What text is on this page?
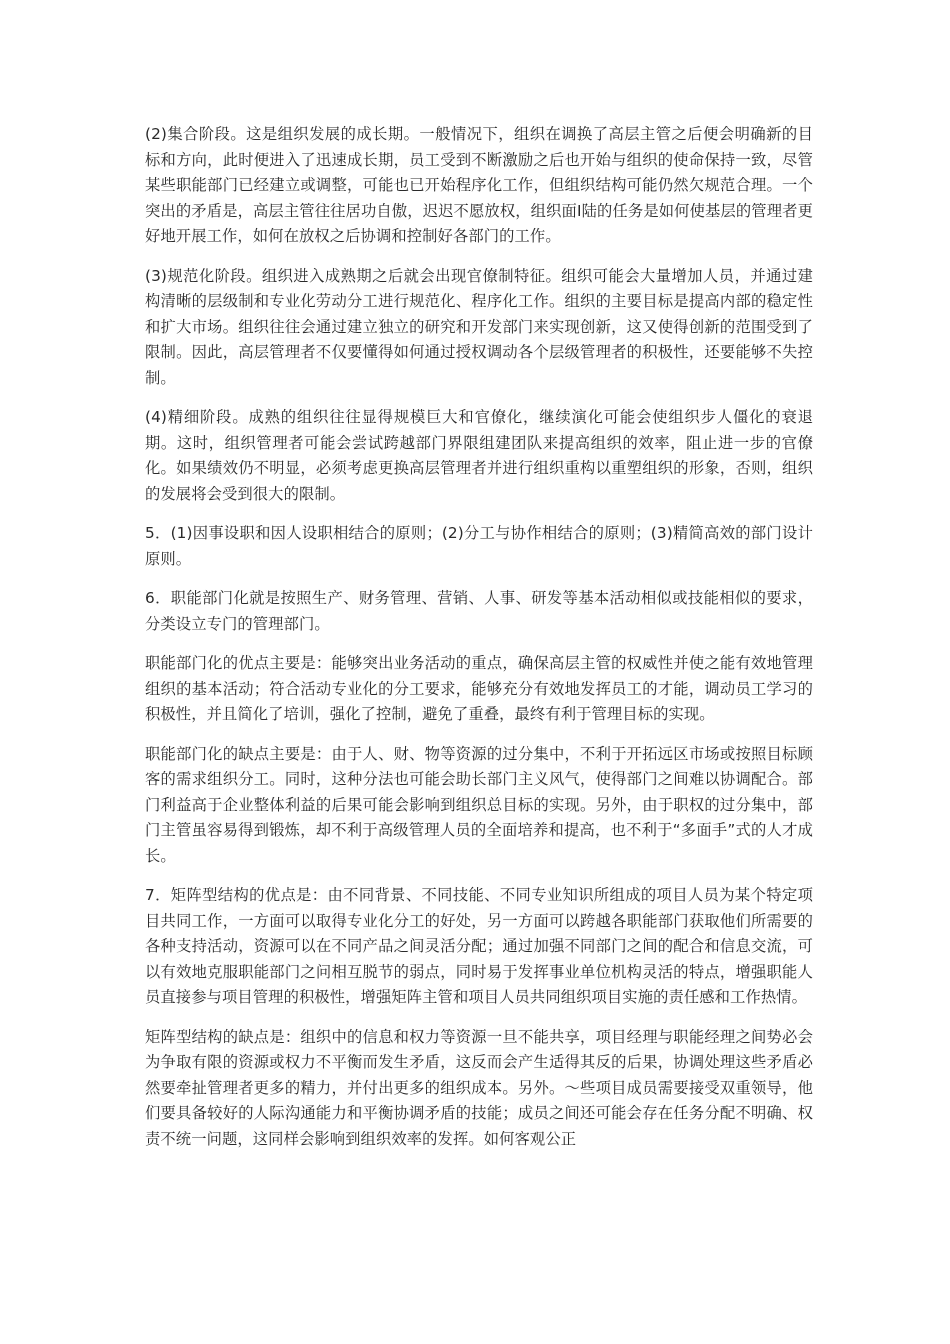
(2)集合阶段。这是组织发展的成长期。一般情况下，组织在调换了高层主管之后便会明确新的目标和方向，此时便进入了迅速成长期，员工受到不断激励之后也开始与组织的使命保持一致，尽管某些职能部门已经建立或调整，可能也已开始程序化工作，但组织结构可能仍然欠规范合理。一个突出的矛盾是，高层主管往往居功自傲，迟迟不愿放权，组织面Ⅰ陆的任务是如何使基层的管理者更好地开展工作，如何在放权之后协调和控制好各部门的工作。

(3)规范化阶段。组织进入成熟期之后就会出现官僚制特征。组织可能会大量增加人员，并通过建构清晰的层级制和专业化劳动分工进行规范化、程序化工作。组织的主要目标是提高内部的稳定性和扩大市场。组织往往会通过建立独立的研究和开发部门来实现创新，这又使得创新的范围受到了限制。因此，高层管理者不仅要懂得如何通过授权调动各个层级管理者的积极性，还要能够不失控制。

(4)精细阶段。成熟的组织往往显得规模巨大和官僚化，继续演化可能会使组织步人僵化的衰退期。这时，组织管理者可能会尝试跨越部门界限组建团队来提高组织的效率，阻止进一步的官僚化。如果绩效仍不明显，必须考虑更换高层管理者并进行组织重构以重塑组织的形象，否则，组织的发展将会受到很大的限制。

5．(1)因事设职和因人设职相结合的原则；(2)分工与协作相结合的原则；(3)精简高效的部门设计原则。

6．职能部门化就是按照生产、财务管理、营销、人事、研发等基本活动相似或技能相似的要求，分类设立专门的管理部门。

职能部门化的优点主要是：能够突出业务活动的重点，确保高层主管的权威性并使之能有效地管理组织的基本活动；符合活动专业化的分工要求，能够充分有效地发挥员工的才能，调动员工学习的积极性，并且简化了培训，强化了控制，避免了重叠，最终有利于管理目标的实现。

职能部门化的缺点主要是：由于人、财、物等资源的过分集中，不利于开拓远区市场或按照目标顾客的需求组织分工。同时，这种分法也可能会助长部门主义风气，使得部门之间难以协调配合。部门利益高于企业整体利益的后果可能会影响到组织总目标的实现。另外，由于职权的过分集中，部门主管虽容易得到锻炼，却不利于高级管理人员的全面培养和提高，也不利于“多面手”式的人才成长。

7．矩阵型结构的优点是：由不同背景、不同技能、不同专业知识所组成的项目人员为某个特定项目共同工作，一方面可以取得专业化分工的好处，另一方面可以跨越各职能部门获取他们所需要的各种支持活动，资源可以在不同产品之间灵活分配；通过加强不同部门之间的配合和信息交流，可以有效地克服职能部门之问相互脱节的弱点，同时易于发挥事业单位机构灵活的特点，增强职能人员直接参与项目管理的积极性，增强矩阵主管和项目人员共同组织项目实施的责任感和工作热情。

矩阵型结构的缺点是：组织中的信息和权力等资源一旦不能共享，项目经理与职能经理之间势必会为争取有限的资源或权力不平衡而发生矛盾，这反而会产生适得其反的后果，协调处理这些矛盾必然要牵扯管理者更多的精力，并付出更多的组织成本。另外。～些项目成员需要接受双重领导，他们要具备较好的人际沟通能力和平衡协调矛盾的技能；成员之间还可能会存在任务分配不明确、权责不统一问题，这同样会影响到组织效率的发挥。如何客观公正
